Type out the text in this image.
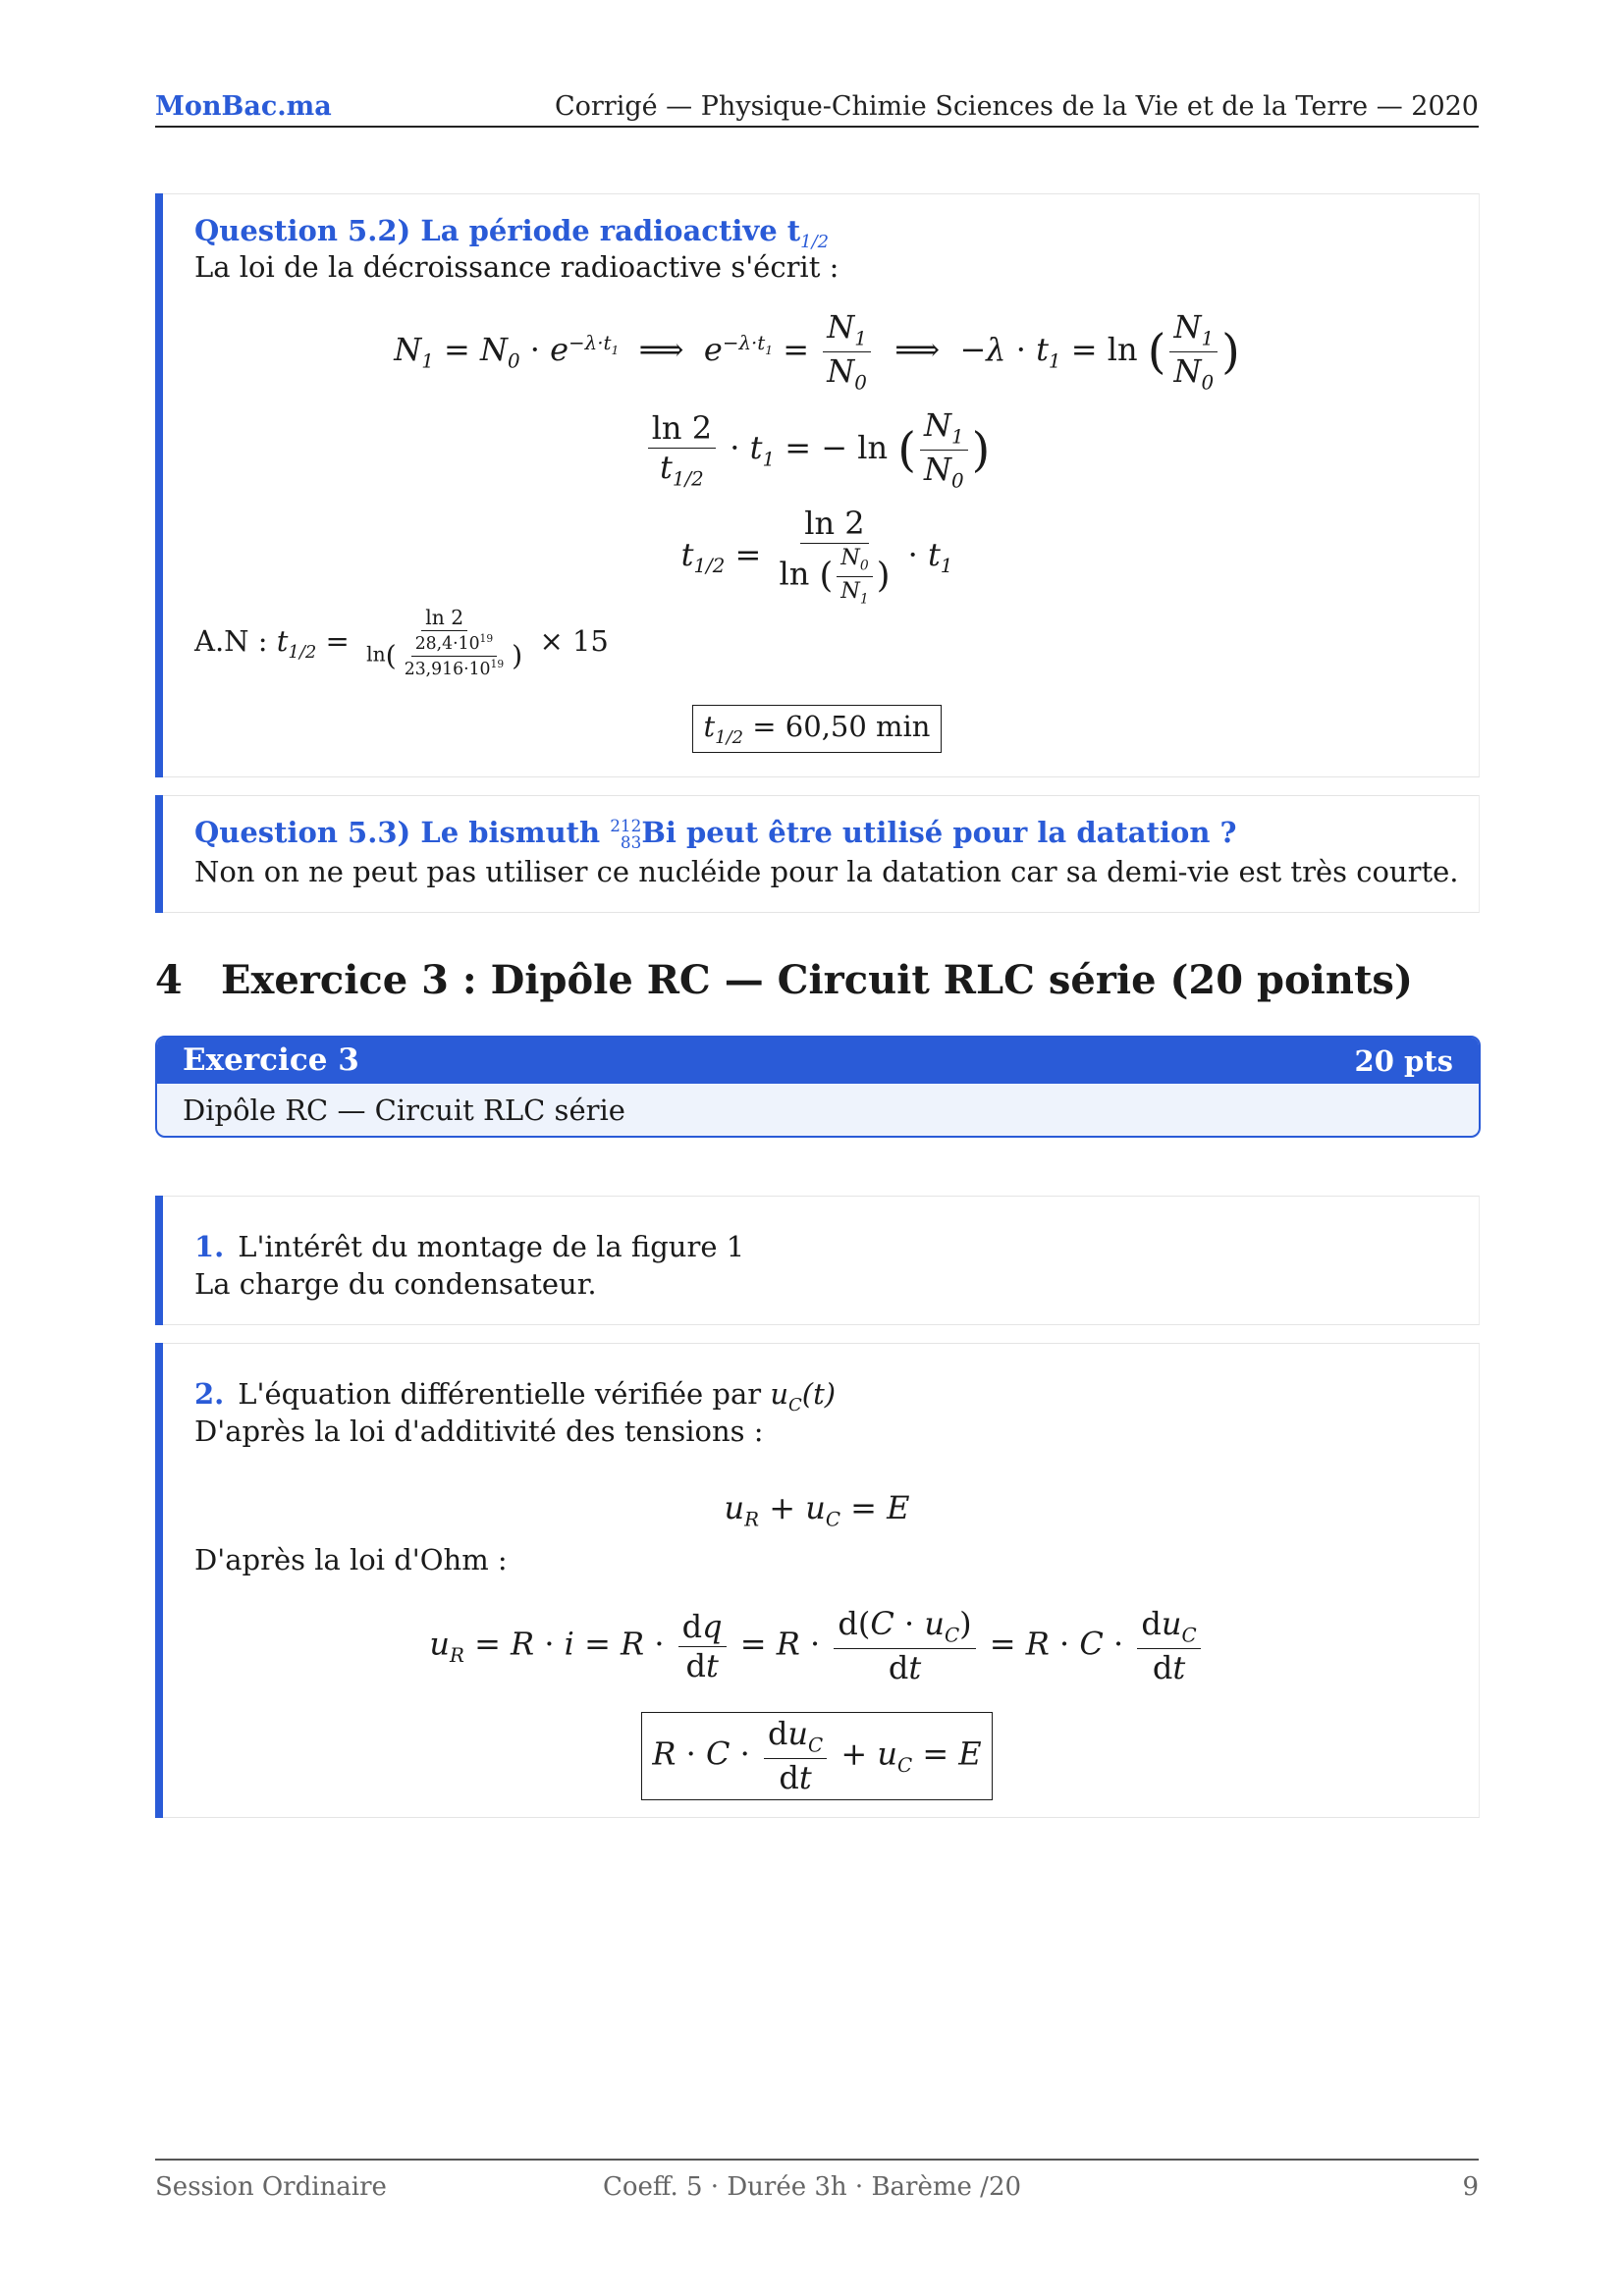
MonBac.ma	Corrigé — Physique-Chimie Sciences de la Vie et de la Terre — 2020
Question 5.2) La période radioactive $t_{1/2}$
La loi de la décroissance radioactive s'écrit :
$N_1 = N_0 \cdot e^{-\lambda\cdot t_1}$  ⟹  $e^{-\lambda\cdot t_1} = \frac{N_1}{N_0}$ ⟹  $-\lambda \cdot t_1 = \ln$ ( $\frac{N_1}{N_0}$ )
$\frac{\ln 2}{t_{1/2}} \cdot t_1$ = − ln ( $\frac{N_1}{N_0}$ )
$t_{1/2} = \frac{\ln 2}{\ln ( \frac{N_0}{N_1} )} \cdot t_1$
A.N : $t_{1/2} = \frac{\ln 2}{\ln( \frac{28,4\cdot 10^{19}}{23,916\cdot 10^{19}} )} \times 15$
$t_{1/2} = 60,50$ min
Question 5.3) Le bismuth 212
83 Bi peut être utilisé pour la datation ?
Non on ne peut pas utiliser ce nucléide pour la datation car sa demi-vie est très courte.
4 Exercice 3 : Dipôle RC — Circuit RLC série (20 points)
Exercice 3	20 pts
Dipôle RC — Circuit RLC série
1. L'intérêt du montage de la figure 1
La charge du condensateur.
2. L'équation différentielle vérifiée par $u_C(t)$
D'après la loi d'additivité des tensions :
$u_R + u_C = E$
D'après la loi d'Ohm :
$u_R = R \cdot i = R \cdot \frac{dq}{dt} = R \cdot \frac{d(C \cdot u_C)}{dt} = R \cdot C \cdot \frac{du_C}{dt}$
$R \cdot C \cdot \frac{du_C}{dt} + u_C = E$
Session Ordinaire	Coeff. 5 · Durée 3h · Barème /20	9
